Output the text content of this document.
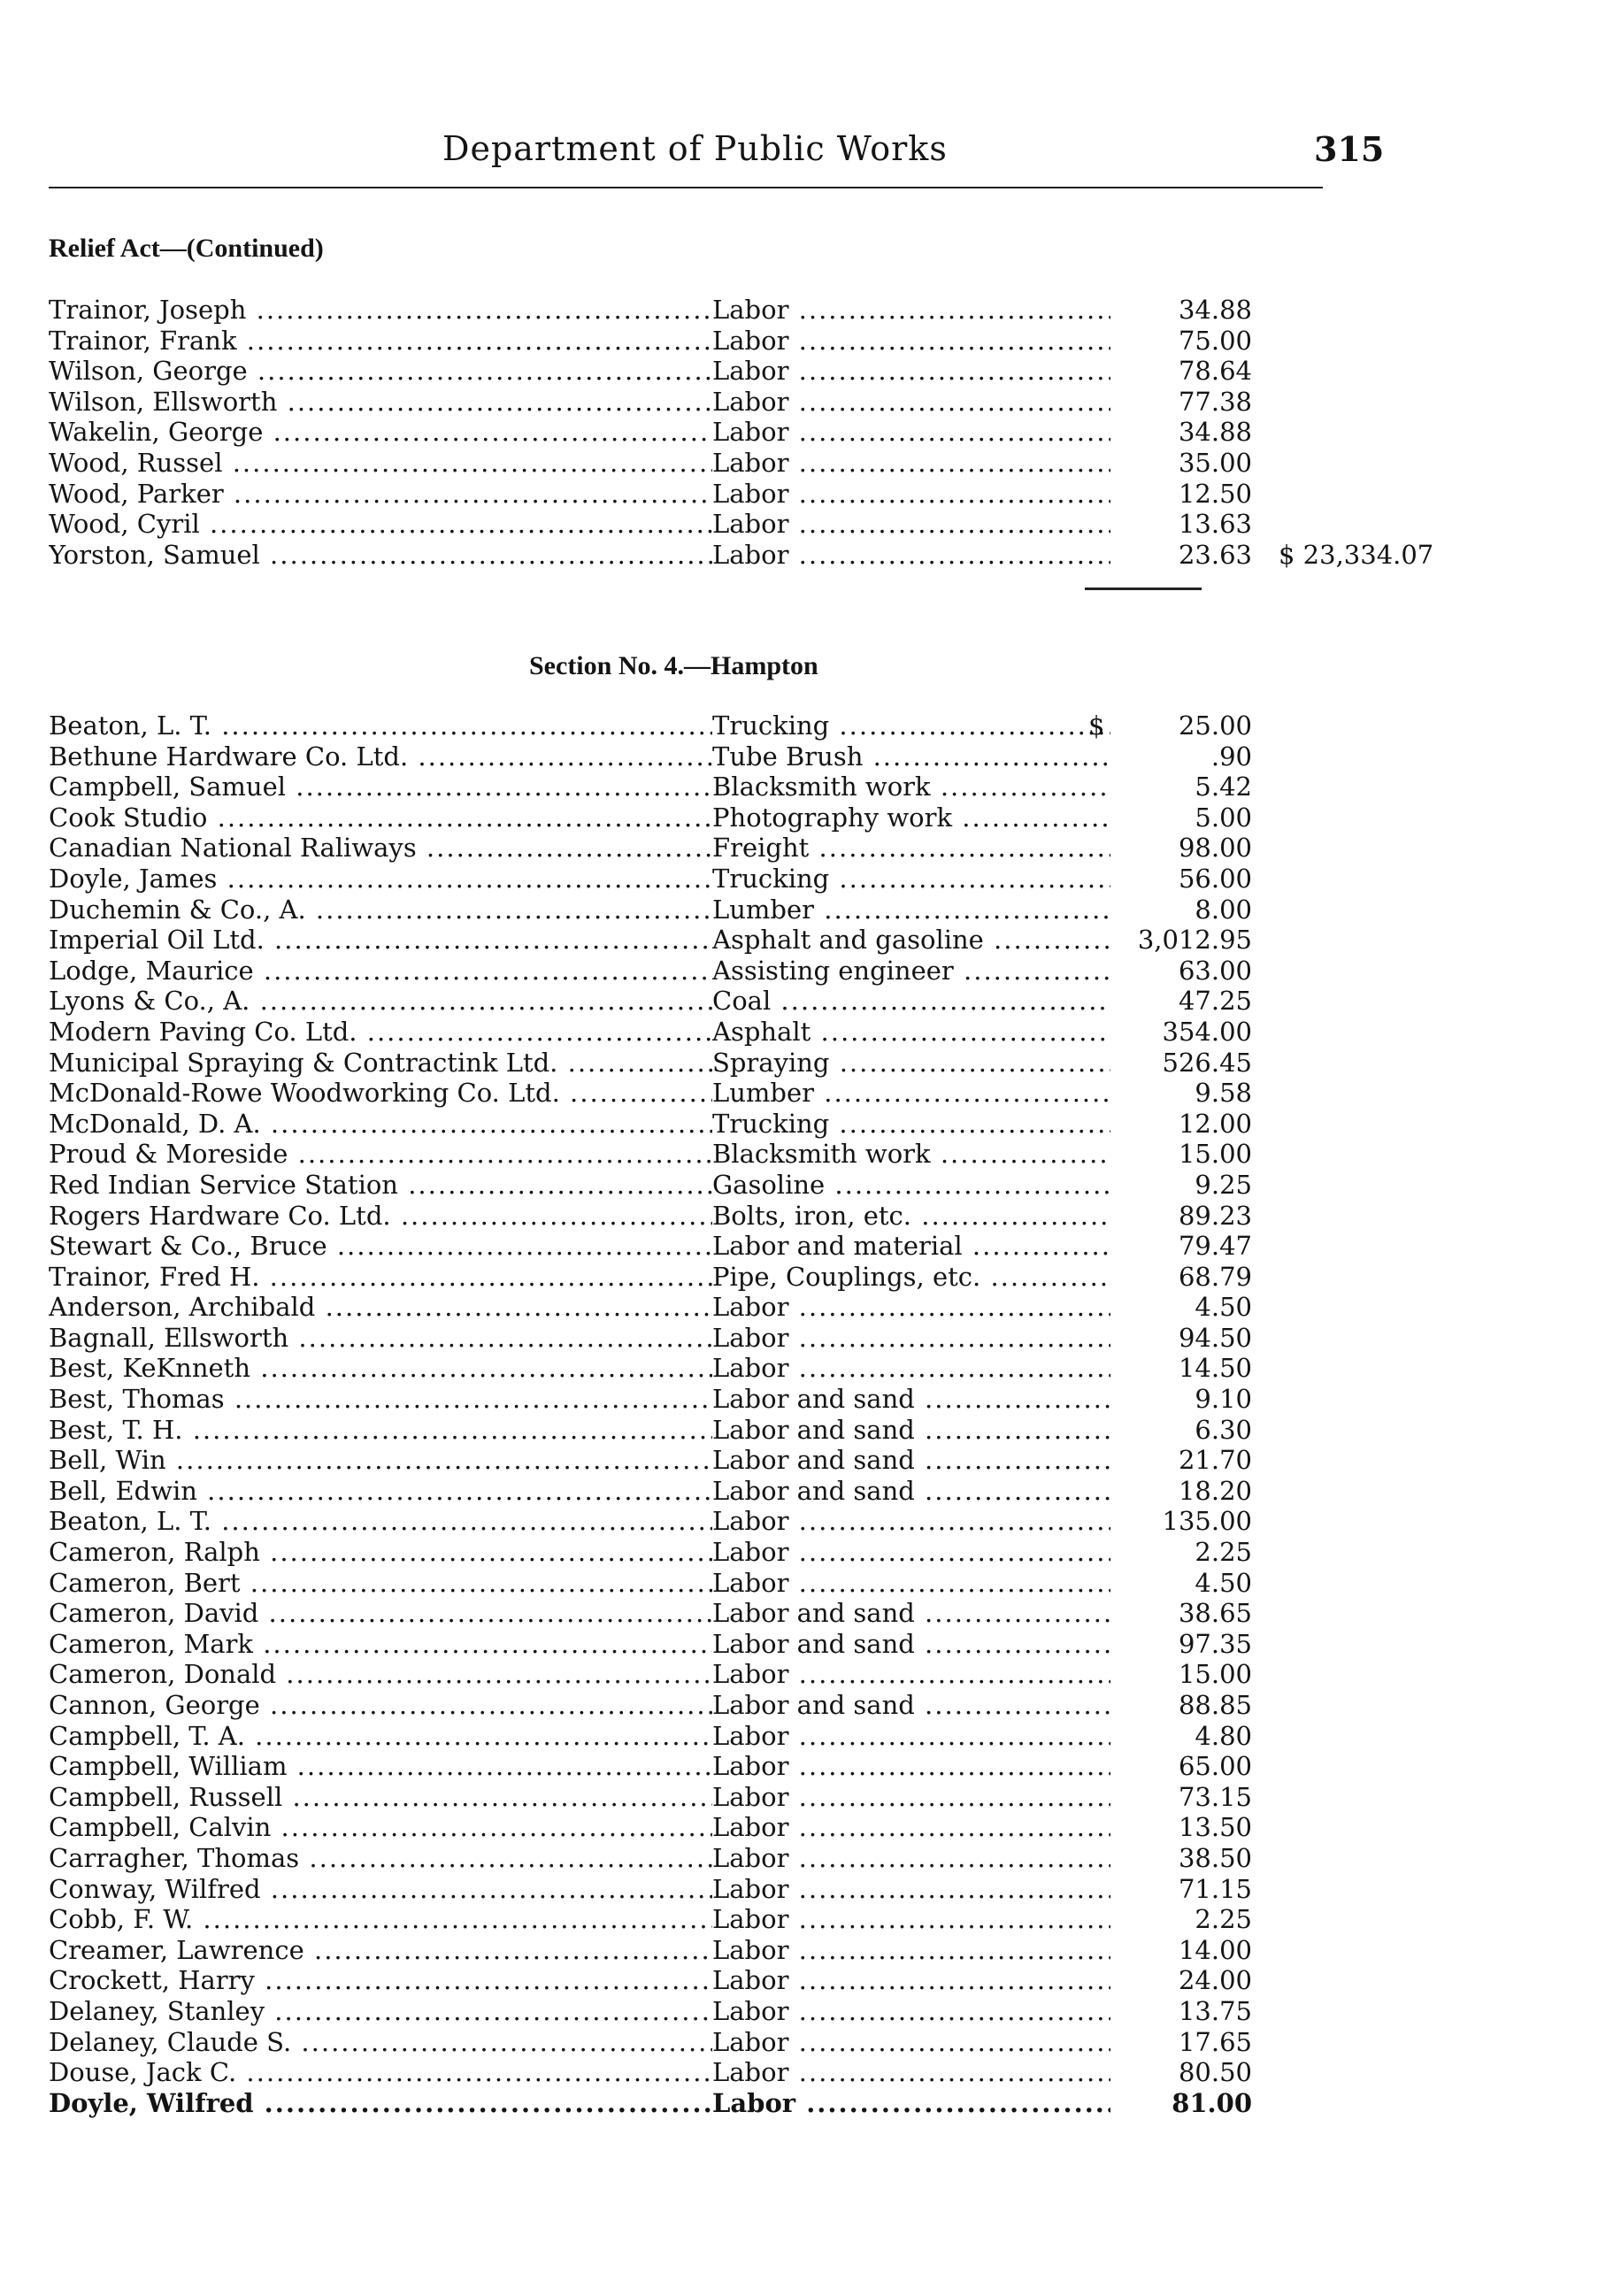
Department of Public Works	315
Relief Act—(Continued)
Trainor, Joseph .....	Labor .....	34.88
Trainor, Frank .....	Labor .....	75.00
Wilson, George .....	Labor .....	78.64
Wilson, Ellsworth .....	Labor .....	77.38
Wakelin, George .....	Labor .....	34.88
Wood, Russel .....	Labor .....	35.00
Wood, Parker .....	Labor .....	12.50
Wood, Cyril .....	Labor .....	13.63
Yorston, Samuel .....	Labor .....	23.63 $ 23,334.07
Section No. 4.—Hampton
Beaton, L. T. .....	Trucking .....	$	25.00
Bethune Hardware Co. Ltd. .....	Tube Brush .....	.90
Campbell, Samuel .....	Blacksmith work .....	5.42
Cook Studio .....	Photography work .....	5.00
Canadian National Raliways .....	Freight .....	98.00
Doyle, James .....	Trucking .....	56.00
Duchemin & Co., A. .....	Lumber .....	8.00
Imperial Oil Ltd. .....	Asphalt and gasoline .....	3,012.95
Lodge, Maurice .....	Assisting engineer .....	63.00
Lyons & Co., A. .....	Coal .....	47.25
Modern Paving Co. Ltd. .....	Asphalt .....	354.00
Municipal Spraying & Contractink Ltd. .....	Spraying .....	526.45
McDonald-Rowe Woodworking Co. Ltd. .....	Lumber .....	9.58
McDonald, D. A. .....	Trucking .....	12.00
Proud & Moreside .....	Blacksmith work .....	15.00
Red Indian Service Station .....	Gasoline .....	9.25
Rogers Hardware Co. Ltd. .....	Bolts, iron, etc. .....	89.23
Stewart & Co., Bruce .....	Labor and material .....	79.47
Trainor, Fred H. .....	Pipe, Couplings, etc. .....	68.79
Anderson, Archibald .....	Labor .....	4.50
Bagnall, Ellsworth .....	Labor .....	94.50
Best, KeKnneth .....	Labor .....	14.50
Best, Thomas .....	Labor and sand .....	9.10
Best, T. H. .....	Labor and sand .....	6.30
Bell, Win .....	Labor and sand .....	21.70
Bell, Edwin .....	Labor and sand .....	18.20
Beaton, L. T. .....	Labor .....	135.00
Cameron, Ralph .....	Labor .....	2.25
Cameron, Bert .....	Labor .....	4.50
Cameron, David .....	Labor and sand .....	38.65
Cameron, Mark .....	Labor and sand .....	97.35
Cameron, Donald .....	Labor .....	15.00
Cannon, George .....	Labor and sand .....	88.85
Campbell, T. A. .....	Labor .....	4.80
Campbell, William .....	Labor .....	65.00
Campbell, Russell .....	Labor .....	73.15
Campbell, Calvin .....	Labor .....	13.50
Carragher, Thomas .....	Labor .....	38.50
Conway, Wilfred .....	Labor .....	71.15
Cobb, F. W. .....	Labor .....	2.25
Creamer, Lawrence .....	Labor .....	14.00
Crockett, Harry .....	Labor .....	24.00
Delaney, Stanley .....	Labor .....	13.75
Delaney, Claude S. .....	Labor .....	17.65
Douse, Jack C. .....	Labor .....	80.50
Doyle, Wilfred .....	Labor .....	81.00
